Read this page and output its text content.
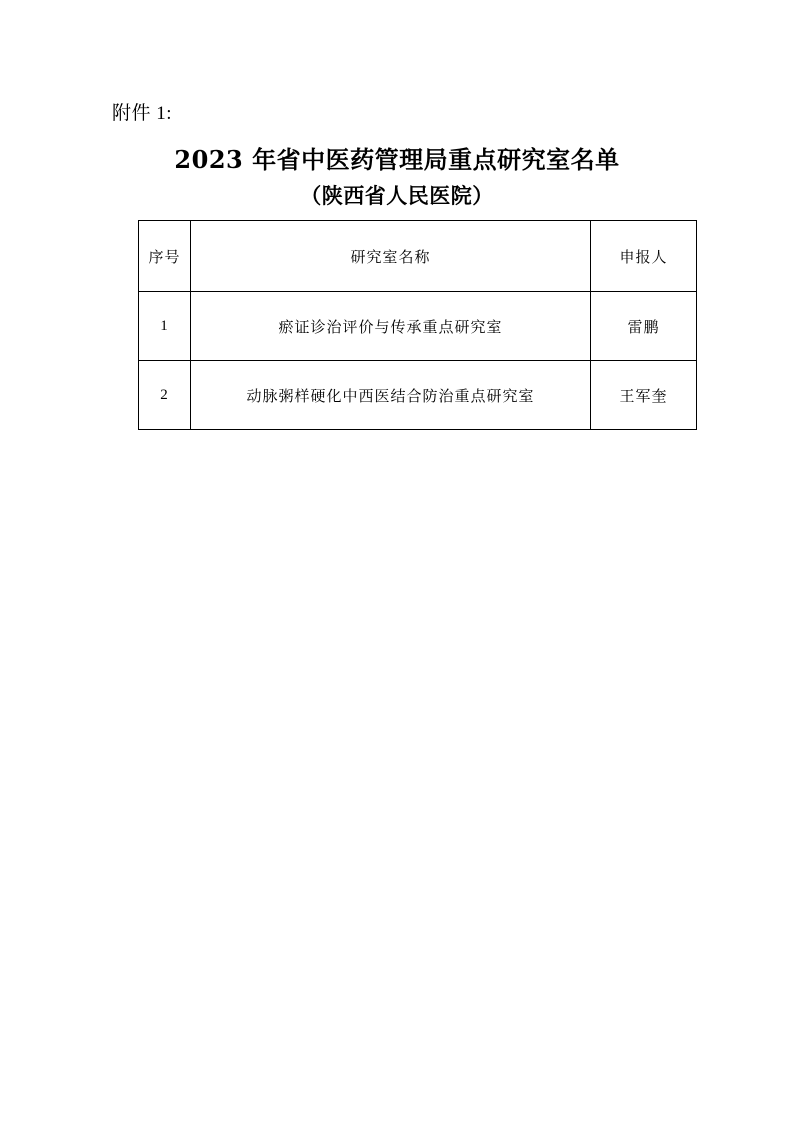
附件 1:
2023 年省中医药管理局重点研究室名单
（陕西省人民医院）
序号	研究室名称	申报人
1	瘀证诊治评价与传承重点研究室	雷鹏
2	动脉粥样硬化中西医结合防治重点研究室	王军奎
